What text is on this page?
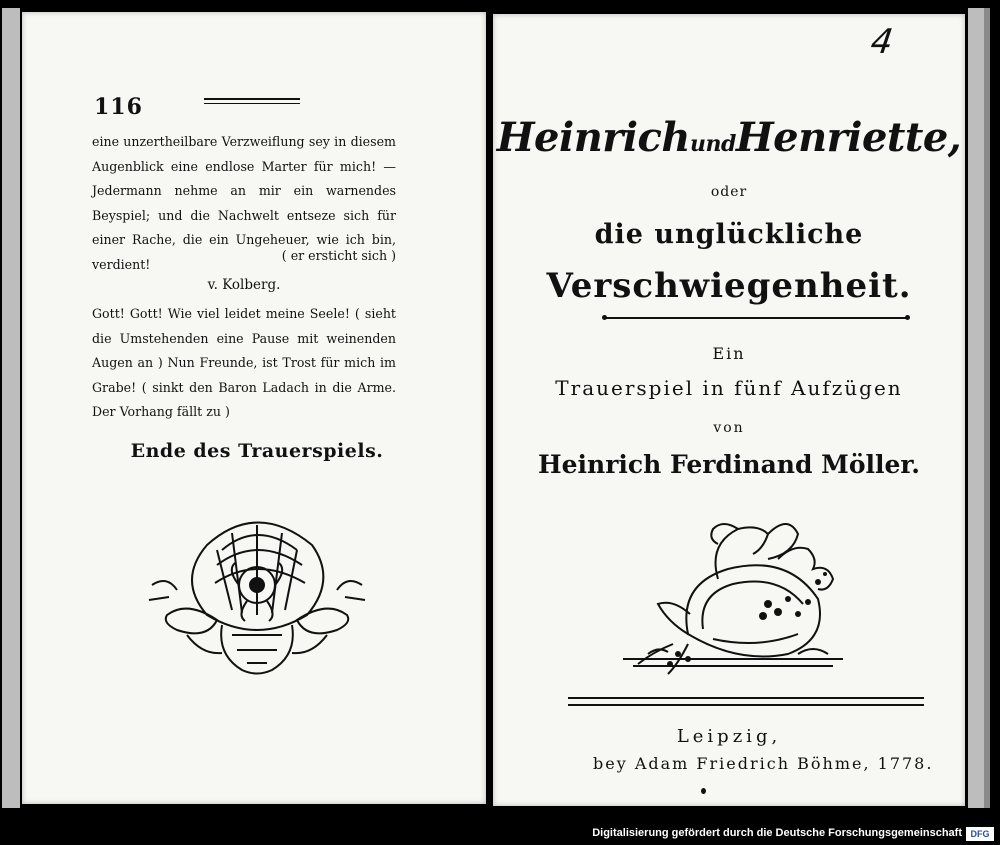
116
eine unzertheilbare Verzweiflung sey in diesem Augenblick eine endlose Marter für mich! — Jedermann nehme an mir ein warnendes Beyspiel; und die Nachwelt entseze sich für einer Rache, die ein Ungeheuer, wie ich bin, verdient!
( er ersticht sich )
v. Kolberg.
Gott! Gott! Wie viel leidet meine Seele! ( sieht die Umstehenden eine Pause mit weinenden Augen an ) Nun Freunde, ist Trost für mich im Grabe! ( sinkt den Baron Ladach in die Arme. Der Vorhang fällt zu )
Ende des Trauerspiels.
4
HeinrichundHenriette,
oder
die unglückliche
Verschwiegenheit.
Ein
Trauerspiel in fünf Aufzügen
von
Heinrich Ferdinand Möller.
Leipzig,
bey Adam Friedrich Böhme, 1778.
Digitalisierung gefördert durch die Deutsche Forschungsgemeinschaft DFG
